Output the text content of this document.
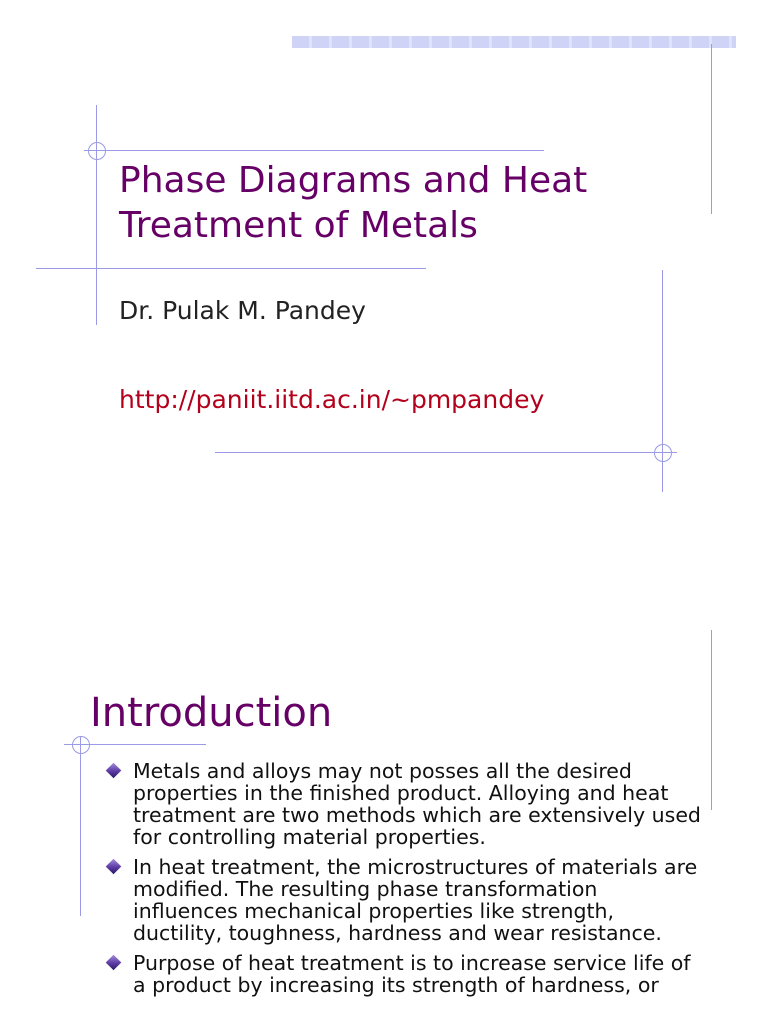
Phase Diagrams and Heat Treatment of Metals

Dr. Pulak M. Pandey

http://paniit.iitd.ac.in/~pmpandey

Introduction
Metals and alloys may not posses all the desired properties in the finished product. Alloying and heat treatment are two methods which are extensively used for controlling material properties.
In heat treatment, the microstructures of materials are modified. The resulting phase transformation influences mechanical properties like strength, ductility, toughness, hardness and wear resistance.
Purpose of heat treatment is to increase service life of a product by increasing its strength of hardness, or
